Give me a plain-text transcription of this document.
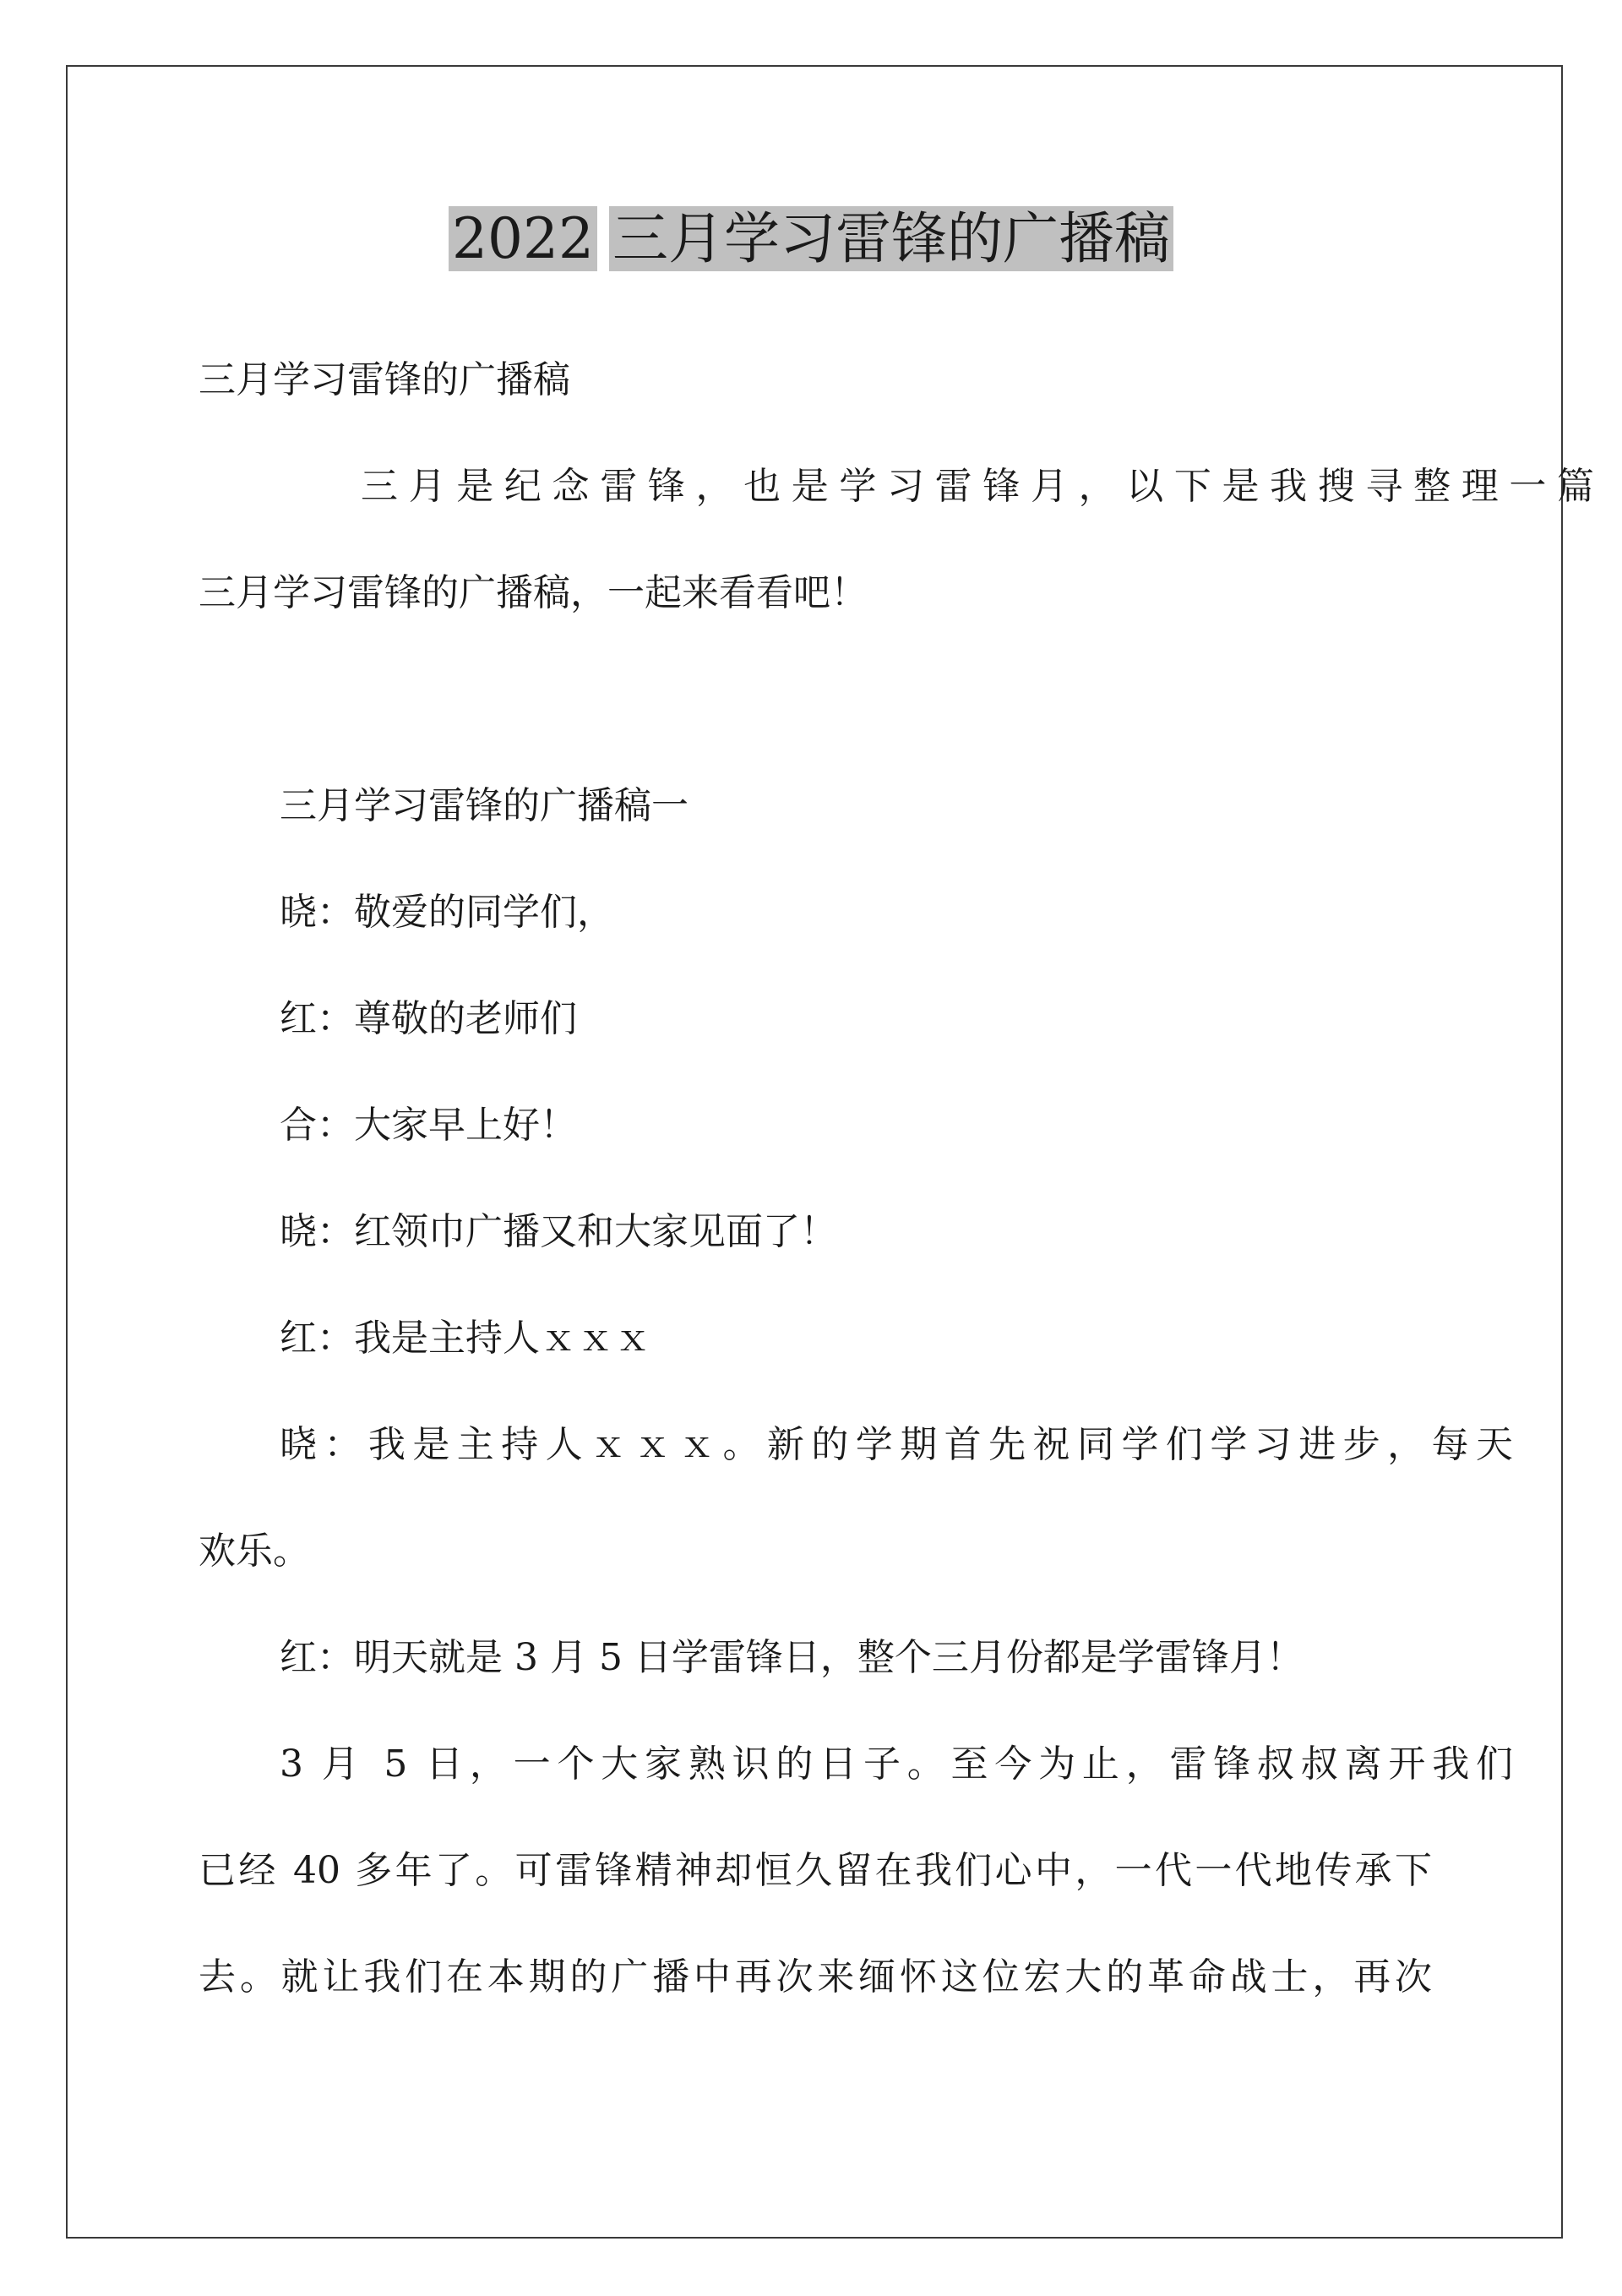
2022 三月学习雷锋的广播稿
三月学习雷锋的广播稿
三月是纪念雷锋，也是学习雷锋月，以下是我搜寻整理一篇
三月学习雷锋的广播稿，一起来看看吧！
三月学习雷锋的广播稿一
晓：敬爱的同学们，
红：尊敬的老师们
合：大家早上好！
晓：红领巾广播又和大家见面了！
红：我是主持人ｘｘｘ
晓：我是主持人ｘｘｘ。新的学期首先祝同学们学习进步，每天
欢乐。
红：明天就是 3 月 5 日学雷锋日，整个三月份都是学雷锋月！
3 月 5 日，一个大家熟识的日子。至今为止，雷锋叔叔离开我们
已经 40 多年了。可雷锋精神却恒久留在我们心中，一代一代地传承下
去。就让我们在本期的广播中再次来缅怀这位宏大的革命战士，再次
